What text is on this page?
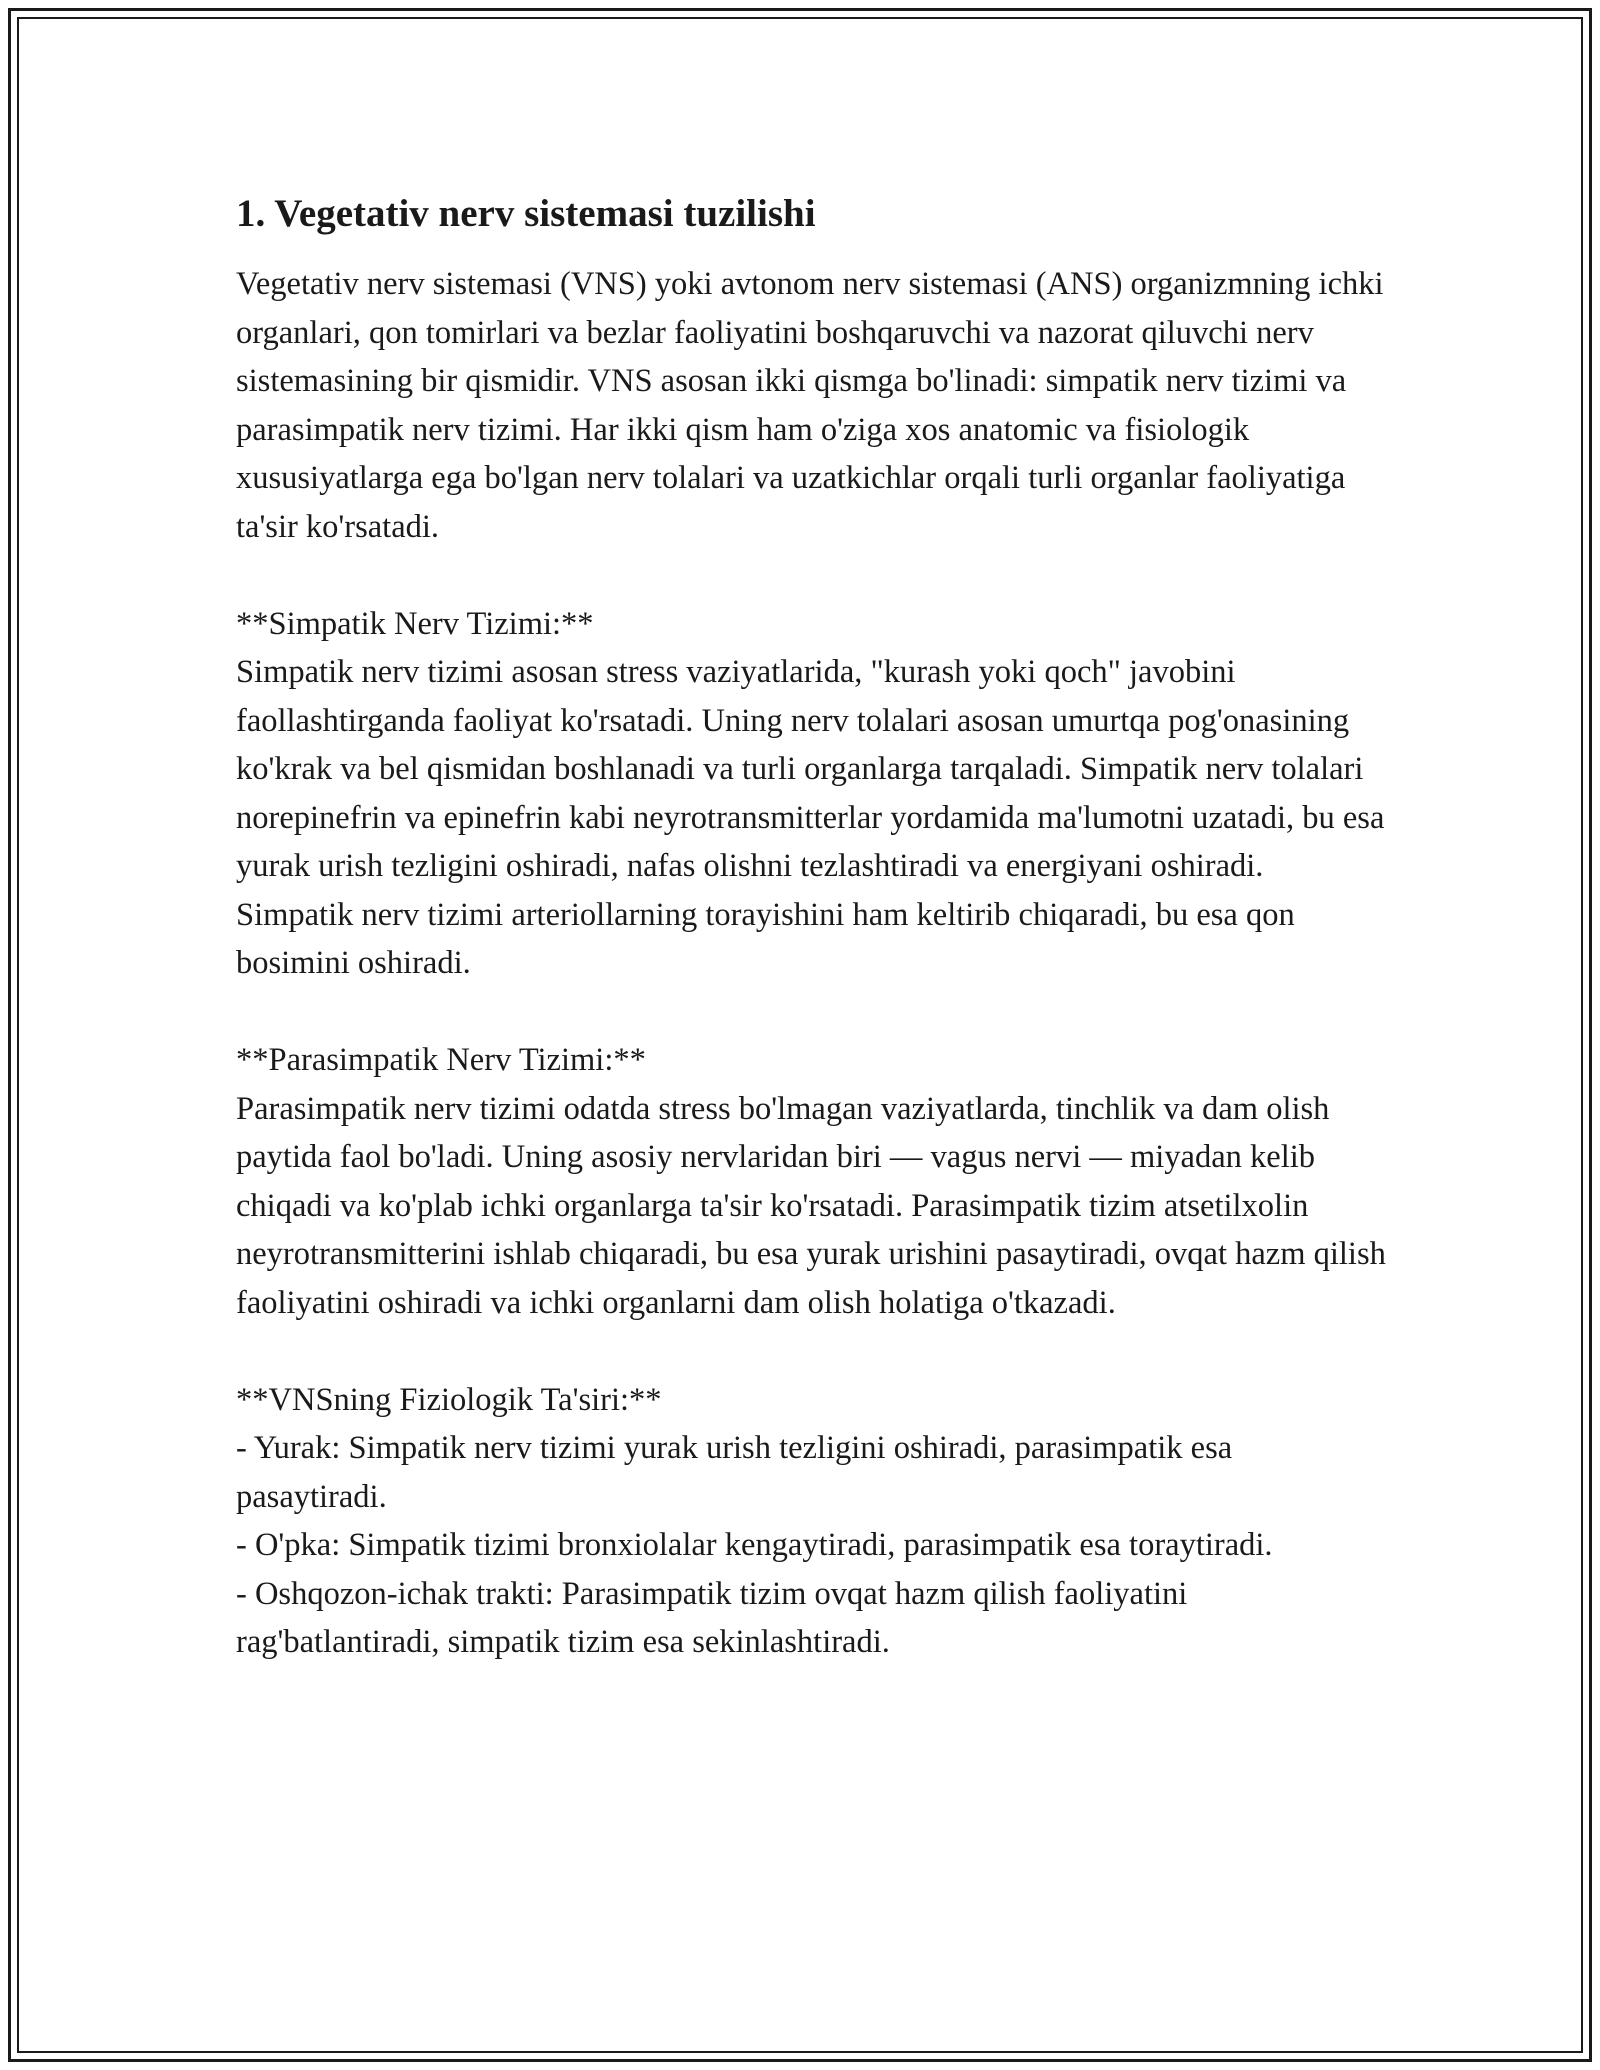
1. Vegetativ nerv sistemasi tuzilishi

Vegetativ nerv sistemasi (VNS) yoki avtonom nerv sistemasi (ANS) organizmning ichki organlari, qon tomirlari va bezlar faoliyatini boshqaruvchi va nazorat qiluvchi nerv sistemasining bir qismidir. VNS asosan ikki qismga bo'linadi: simpatik nerv tizimi va parasimpatik nerv tizimi. Har ikki qism ham o'ziga xos anatomic va fisiologik xususiyatlarga ega bo'lgan nerv tolalari va uzatkichlar orqali turli organlar faoliyatiga ta'sir ko'rsatadi.

**Simpatik Nerv Tizimi:**

Simpatik nerv tizimi asosan stress vaziyatlarida, "kurash yoki qoch" javobini faollashtirganda faoliyat ko'rsatadi. Uning nerv tolalari asosan umurtqa pog'onasining ko'krak va bel qismidan boshlanadi va turli organlarga tarqaladi. Simpatik nerv tolalari norepinefrin va epinefrin kabi neyrotransmitterlar yordamida ma'lumotni uzatadi, bu esa yurak urish tezligini oshiradi, nafas olishni tezlashtiradi va energiyani oshiradi. Simpatik nerv tizimi arteriollarning torayishini ham keltirib chiqaradi, bu esa qon bosimini oshiradi.

**Parasimpatik Nerv Tizimi:**

Parasimpatik nerv tizimi odatda stress bo'lmagan vaziyatlarda, tinchlik va dam olish paytida faol bo'ladi. Uning asosiy nervlaridan biri — vagus nervi — miyadan kelib chiqadi va ko'plab ichki organlarga ta'sir ko'rsatadi. Parasimpatik tizim atsetilxolin neyrotransmitterini ishlab chiqaradi, bu esa yurak urishini pasaytiradi, ovqat hazm qilish faoliyatini oshiradi va ichki organlarni dam olish holatiga o'tkazadi.

**VNSning Fiziologik Ta'siri:**
- Yurak: Simpatik nerv tizimi yurak urish tezligini oshiradi, parasimpatik esa pasaytiradi.
- O'pka: Simpatik tizimi bronxiolalar kengaytiradi, parasimpatik esa toraytiradi.
- Oshqozon-ichak trakti: Parasimpatik tizim ovqat hazm qilish faoliyatini rag'batlantiradi, simpatik tizim esa sekinlashtiradi.
